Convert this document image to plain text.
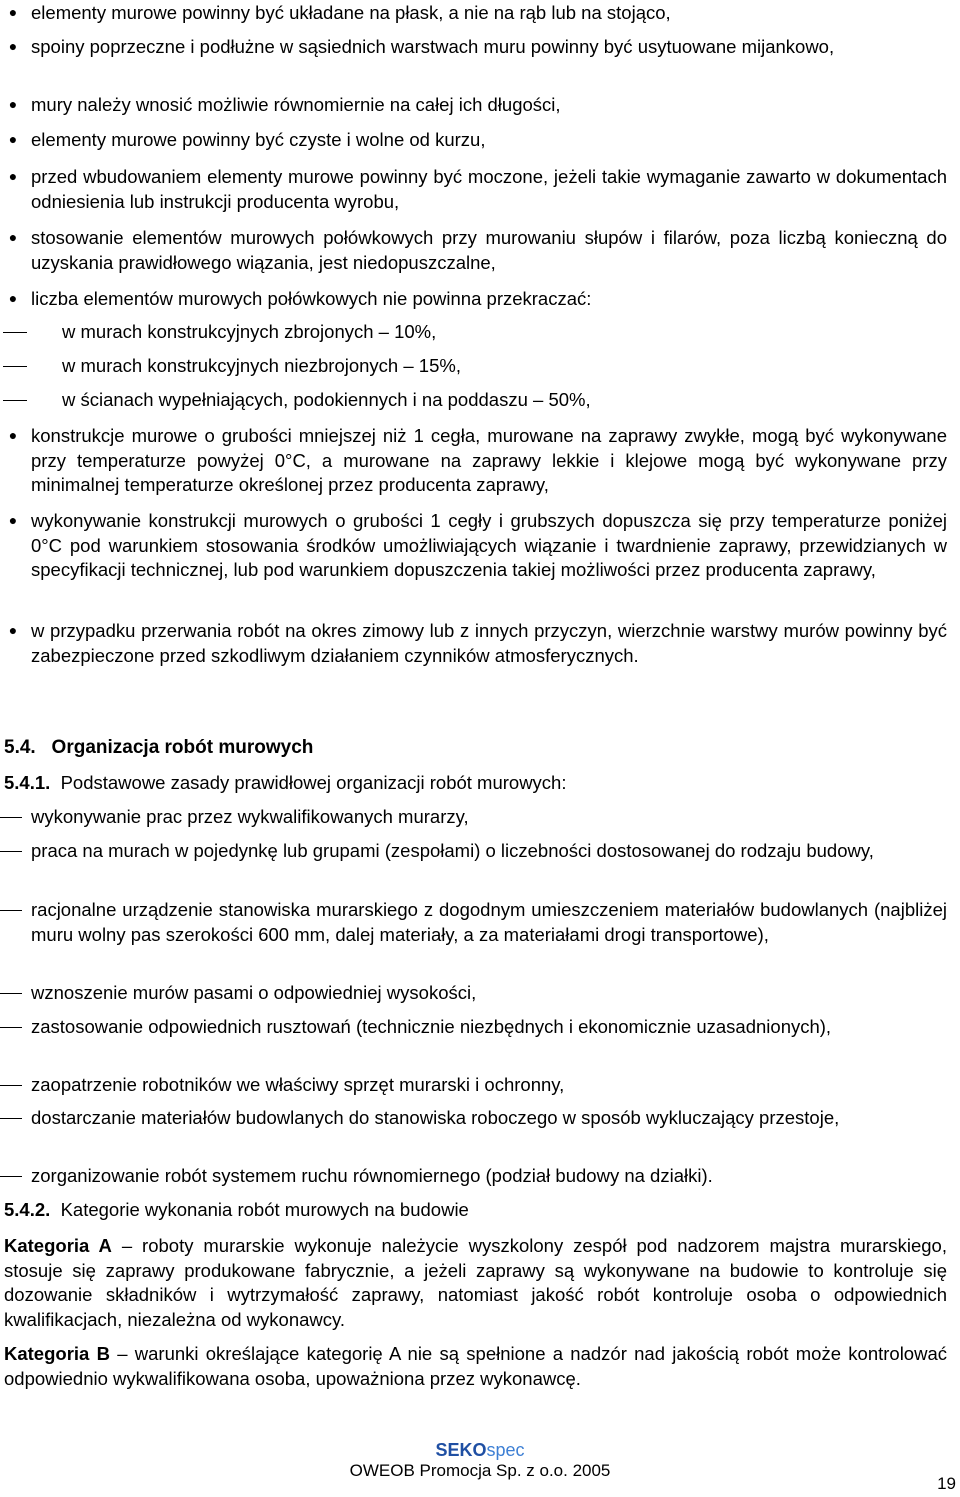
● elementy murowe powinny być układane na płask, a nie na rąb lub na stojąco,
● spoiny poprzeczne i podłużne w sąsiednich warstwach muru powinny być usytuowane mijankowo,
● mury należy wnosić możliwie równomiernie na całej ich długości,
● elementy murowe powinny być czyste i wolne od kurzu,
● przed wbudowaniem elementy murowe powinny być moczone, jeżeli takie wymaganie zawarto w dokumentach odniesienia lub instrukcji producenta wyrobu,
● stosowanie elementów murowych połówkowych przy murowaniu słupów i filarów, poza liczbą konieczną do uzyskania prawidłowego wiązania, jest niedopuszczalne,
● liczba elementów murowych połówkowych nie powinna przekraczać:
w murach konstrukcyjnych zbrojonych – 10%,
w murach konstrukcyjnych niezbrojonych – 15%,
w ścianach wypełniających, podokiennych i na poddaszu – 50%,
● konstrukcje murowe o grubości mniejszej niż 1 cegła, murowane na zaprawy zwykłe, mogą być wykonywane przy temperaturze powyżej 0°C, a murowane na zaprawy lekkie i klejowe mogą być wykonywane przy minimalnej temperaturze określonej przez producenta zaprawy,
● wykonywanie konstrukcji murowych o grubości 1 cegły i grubszych dopuszcza się przy temperaturze poniżej 0°C pod warunkiem stosowania środków umożliwiających wiązanie i twardnienie zaprawy, przewidzianych w specyfikacji technicznej, lub pod warunkiem dopuszczenia takiej możliwości przez producenta zaprawy,
● w przypadku przerwania robót na okres zimowy lub z innych przyczyn, wierzchnie warstwy murów powinny być zabezpieczone przed szkodliwym działaniem czynników atmosferycznych.
5.4. Organizacja robót murowych
5.4.1. Podstawowe zasady prawidłowej organizacji robót murowych:
wykonywanie prac przez wykwalifikowanych murarzy,
praca na murach w pojedynkę lub grupami (zespołami) o liczebności dostosowanej do rodzaju budowy,
racjonalne urządzenie stanowiska murarskiego z dogodnym umieszczeniem materiałów budowlanych (najbliżej muru wolny pas szerokości 600 mm, dalej materiały, a za materiałami drogi transportowe),
wznoszenie murów pasami o odpowiedniej wysokości,
zastosowanie odpowiednich rusztowań (technicznie niezbędnych i ekonomicznie uzasadnionych),
zaopatrzenie robotników we właściwy sprzęt murarski i ochronny,
dostarczanie materiałów budowlanych do stanowiska roboczego w sposób wykluczający przestoje,
zorganizowanie robót systemem ruchu równomiernego (podział budowy na działki).
5.4.2. Kategorie wykonania robót murowych na budowie
Kategoria A – roboty murarskie wykonuje należycie wyszkolony zespół pod nadzorem majstra murarskiego, stosuje się zaprawy produkowane fabrycznie, a jeżeli zaprawy są wykonywane na budowie to kontroluje się dozowanie składników i wytrzymałość zaprawy, natomiast jakość robót kontroluje osoba o odpowiednich kwalifikacjach, niezależna od wykonawcy.
Kategoria B – warunki określające kategorię A nie są spełnione a nadzór nad jakością robót może kontrolować odpowiednio wykwalifikowana osoba, upoważniona przez wykonawcę.
SEKOspec
OWEOB Promocja Sp. z o.o. 2005
19
